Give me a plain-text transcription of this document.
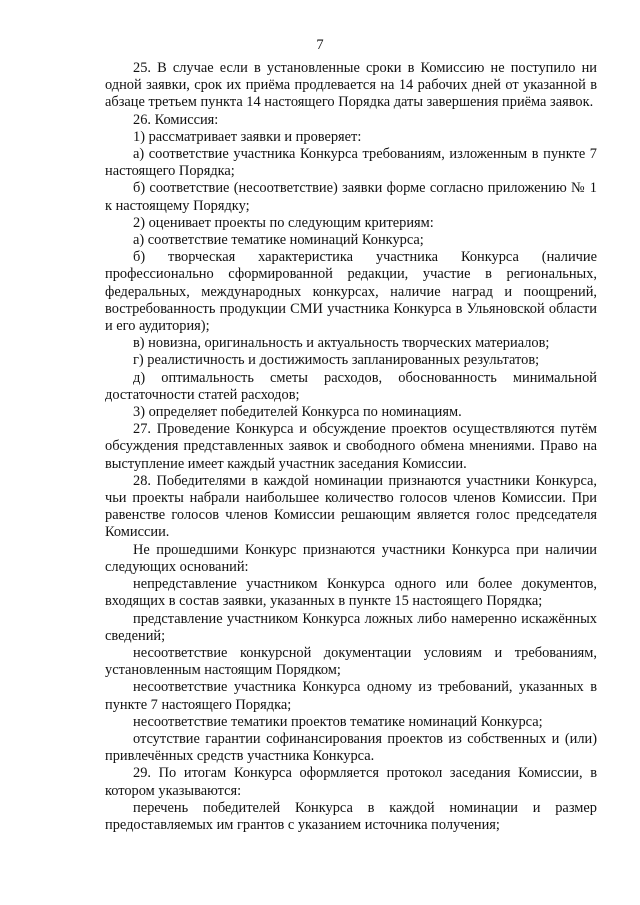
7

25. В случае если в установленные сроки в Комиссию не поступило ни одной заявки, срок их приёма продлевается на 14 рабочих дней от указанной в абзаце третьем пункта 14 настоящего Порядка даты завершения приёма заявок.

26. Комиссия:

1) рассматривает заявки и проверяет:

а) соответствие участника Конкурса требованиям, изложенным в пункте 7 настоящего Порядка;

б) соответствие (несоответствие) заявки форме согласно приложению № 1 к настоящему Порядку;

2) оценивает проекты по следующим критериям:

а) соответствие тематике номинаций Конкурса;

б) творческая характеристика участника Конкурса (наличие профессионально сформированной редакции, участие в региональных, федеральных, международных конкурсах, наличие наград и поощрений, востребованность продукции СМИ участника Конкурса в Ульяновской области и его аудитория);

в) новизна, оригинальность и актуальность творческих материалов;

г) реалистичность и достижимость запланированных результатов;

д) оптимальность сметы расходов, обоснованность минимальной достаточности статей расходов;

3) определяет победителей Конкурса по номинациям.

27. Проведение Конкурса и обсуждение проектов осуществляются путём обсуждения представленных заявок и свободного обмена мнениями. Право на выступление имеет каждый участник заседания Комиссии.

28. Победителями в каждой номинации признаются участники Конкурса, чьи проекты набрали наибольшее количество голосов членов Комиссии. При равенстве голосов членов Комиссии решающим является голос председателя Комиссии.

Не прошедшими Конкурс признаются участники Конкурса при наличии следующих оснований:

непредставление участником Конкурса одного или более документов, входящих в состав заявки, указанных в пункте 15 настоящего Порядка;

представление участником Конкурса ложных либо намеренно искажённых сведений;

несоответствие конкурсной документации условиям и требованиям, установленным настоящим Порядком;

несоответствие участника Конкурса одному из требований, указанных в пункте 7 настоящего Порядка;

несоответствие тематики проектов тематике номинаций Конкурса;

отсутствие гарантии софинансирования проектов из собственных и (или) привлечённых средств участника Конкурса.

29. По итогам Конкурса оформляется протокол заседания Комиссии, в котором указываются:

перечень победителей Конкурса в каждой номинации и размер предоставляемых им грантов с указанием источника получения;
